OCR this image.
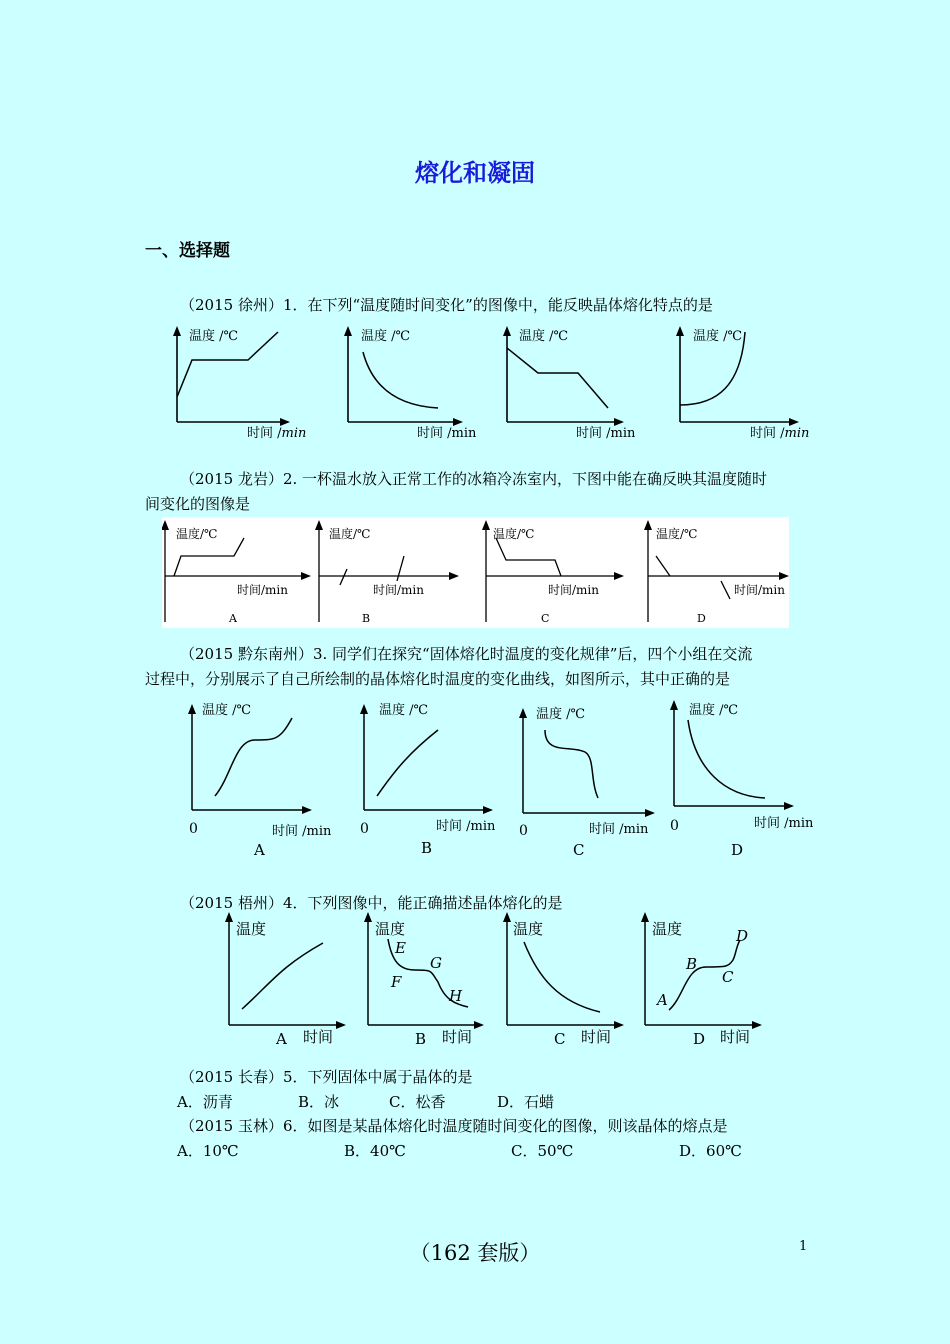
熔化和凝固
一、选择题
（2015 徐州）1．在下列“温度随时间变化”的图像中，能反映晶体熔化特点的是
温度 /℃
时间 /min
温度 /℃
时间 /min
温度 /℃
时间 /min
温度 /℃
时间 /min
（2015 龙岩）2. 一杯温水放入正常工作的冰箱冷冻室内，下图中能在确反映其温度随时
间变化的图像是
温度/℃
时间/min
A
温度/℃
时间/min
B
温度/℃
时间/min
C
温度/℃
时间/min
D
（2015 黔东南州）3. 同学们在探究“固体熔化时温度的变化规律”后，四个小组在交流
过程中，分别展示了自己所绘制的晶体熔化时温度的变化曲线，如图所示，其中正确的是
温度 /℃
时间 /min
0
A
温度 /℃
时间 /min
0
B
温度 /℃
时间 /min
0
C
温度 /℃
时间 /min
0
D
（2015 梧州）4．下列图像中，能正确描述晶体熔化的是
温度
A 时间
温度
E
F
G
H
B 时间
温度
C 时间
温度	D
B
C
A
D 时间
（2015 长春）5．下列固体中属于晶体的是
A．沥青	B．冰	C．松香	D．石蜡
（2015 玉林）6．如图是某晶体熔化时温度随时间变化的图像，则该晶体的熔点是
A．10℃	B．40℃	C．50℃	D．60℃
（162 套版）	1
